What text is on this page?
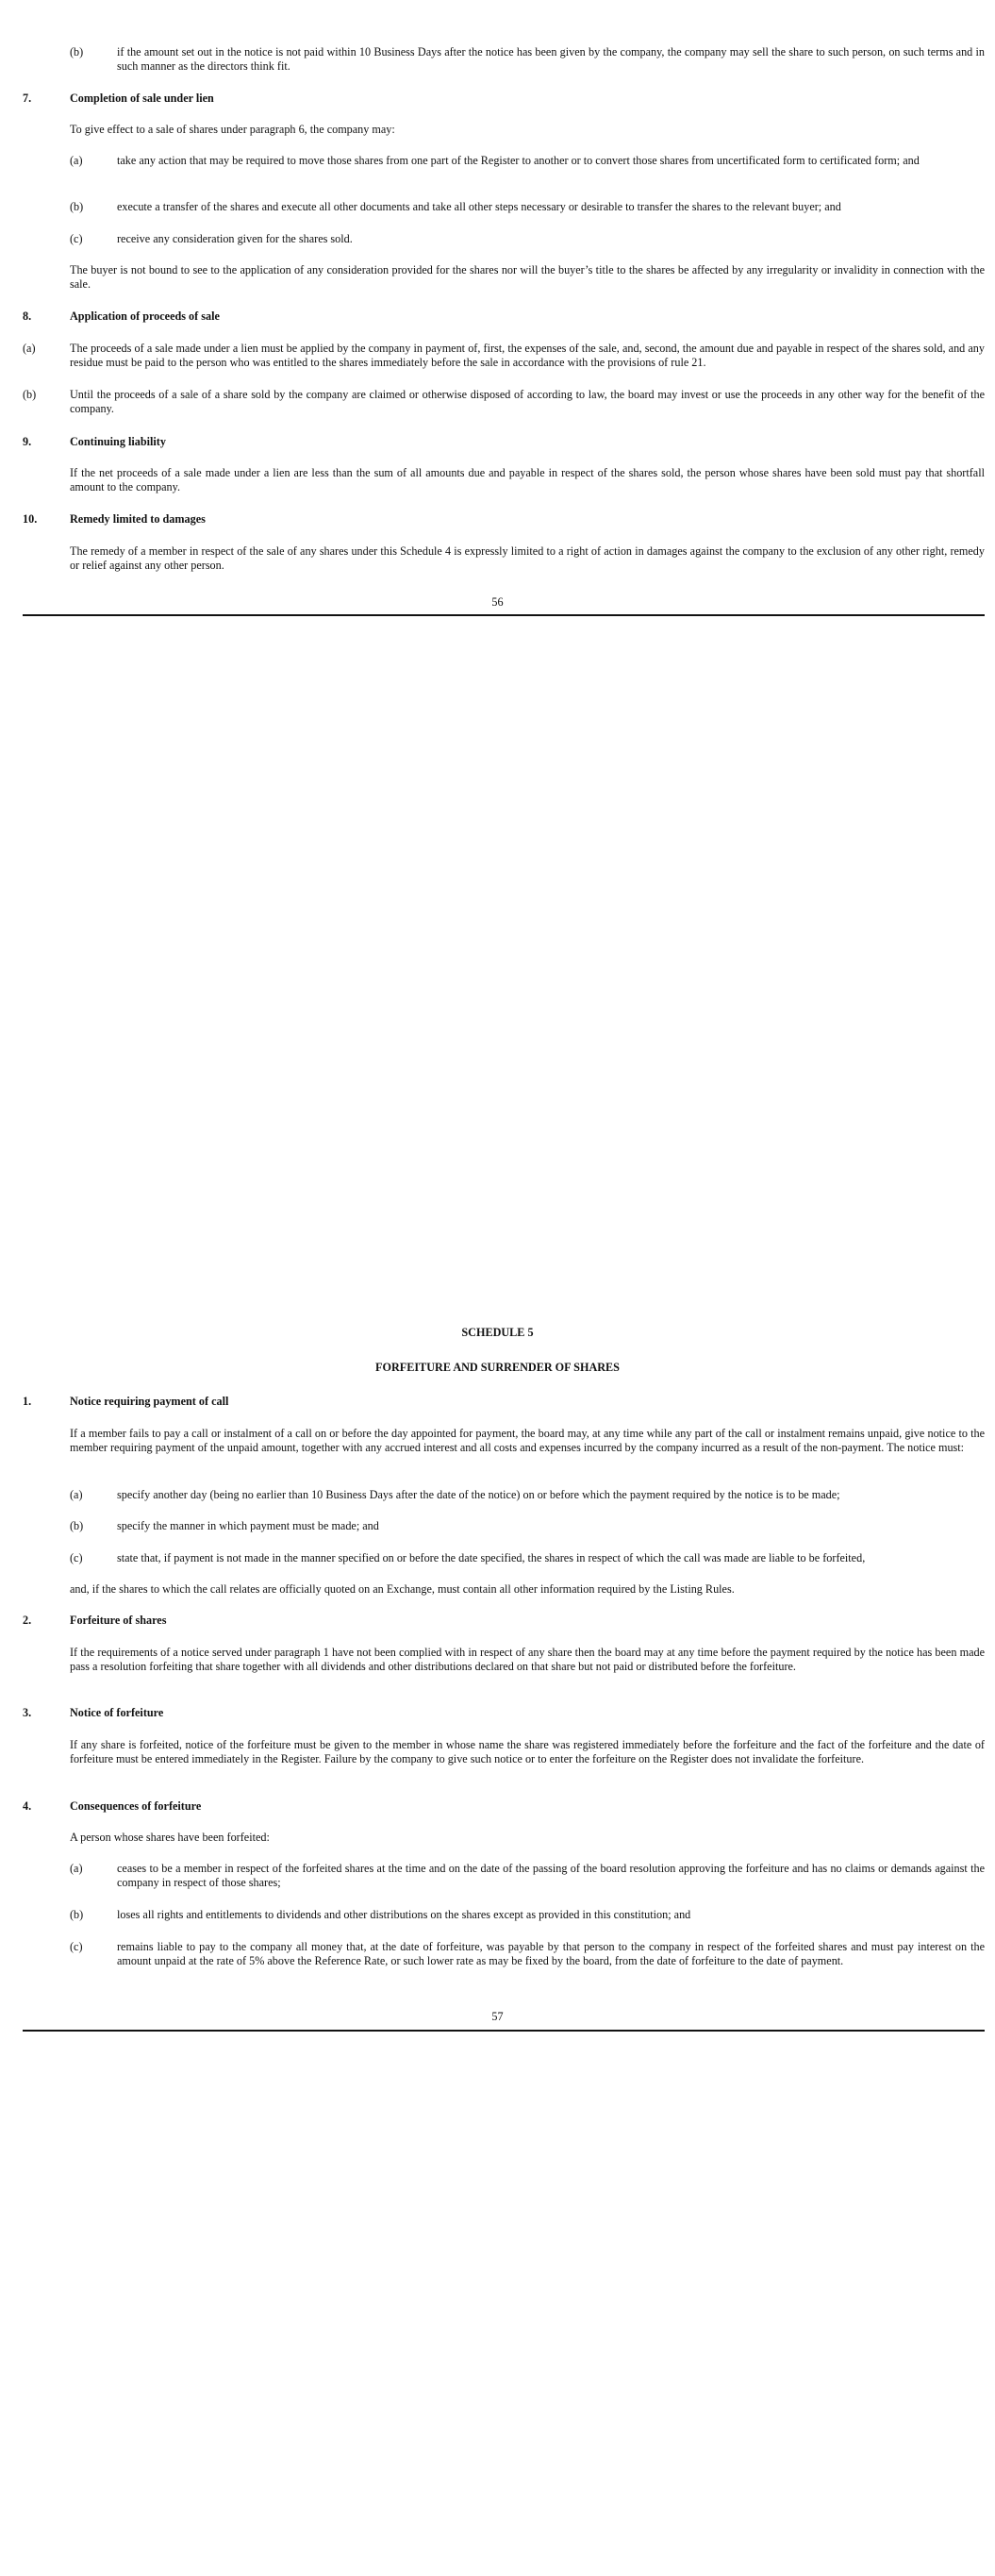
(b)	if the amount set out in the notice is not paid within 10 Business Days after the notice has been given by the company, the company may sell the share to such person, on such terms and in such manner as the directors think fit.

7.	Completion of sale under lien

To give effect to a sale of shares under paragraph 6, the company may:

(a)	take any action that may be required to move those shares from one part of the Register to another or to convert those shares from uncertificated form to certificated form; and

(b)	execute a transfer of the shares and execute all other documents and take all other steps necessary or desirable to transfer the shares to the relevant buyer; and

(c)	receive any consideration given for the shares sold.

The buyer is not bound to see to the application of any consideration provided for the shares nor will the buyer’s title to the shares be affected by any irregularity or invalidity in connection with the sale.

8.	Application of proceeds of sale
(a)	The proceeds of a sale made under a lien must be applied by the company in payment of, first, the expenses of the sale, and, second, the amount due and payable in respect of the shares sold, and any residue must be paid to the person who was entitled to the shares immediately before the sale in accordance with the provisions of rule 21.

(b)	Until the proceeds of a sale of a share sold by the company are claimed or otherwise disposed of according to law, the board may invest or use the proceeds in any other way for the benefit of the company.

9.	Continuing liability

If the net proceeds of a sale made under a lien are less than the sum of all amounts due and payable in respect of the shares sold, the person whose shares have been sold must pay that shortfall amount to the company.

10.	Remedy limited to damages

The remedy of a member in respect of the sale of any shares under this Schedule 4 is expressly limited to a right of action in damages against the company to the exclusion of any other right, remedy or relief against any other person.

56

SCHEDULE 5

FORFEITURE AND SURRENDER OF SHARES

1.	Notice requiring payment of call

If a member fails to pay a call or instalment of a call on or before the day appointed for payment, the board may, at any time while any part of the call or instalment remains unpaid, give notice to the member requiring payment of the unpaid amount, together with any accrued interest and all costs and expenses incurred by the company incurred as a result of the non-payment. The notice must:

(a)	specify another day (being no earlier than 10 Business Days after the date of the notice) on or before which the payment required by the notice is to be made;

(b)	specify the manner in which payment must be made; and

(c)	state that, if payment is not made in the manner specified on or before the date specified, the shares in respect of which the call was made are liable to be forfeited,

and, if the shares to which the call relates are officially quoted on an Exchange, must contain all other information required by the Listing Rules.

2.	Forfeiture of shares

If the requirements of a notice served under paragraph 1 have not been complied with in respect of any share then the board may at any time before the payment required by the notice has been made pass a resolution forfeiting that share together with all dividends and other distributions declared on that share but not paid or distributed before the forfeiture.

3.	Notice of forfeiture

If any share is forfeited, notice of the forfeiture must be given to the member in whose name the share was registered immediately before the forfeiture and the fact of the forfeiture and the date of forfeiture must be entered immediately in the Register. Failure by the company to give such notice or to enter the forfeiture on the Register does not invalidate the forfeiture.

4.	Consequences of forfeiture

A person whose shares have been forfeited:

(a)	ceases to be a member in respect of the forfeited shares at the time and on the date of the passing of the board resolution approving the forfeiture and has no claims or demands against the company in respect of those shares;

(b)	loses all rights and entitlements to dividends and other distributions on the shares except as provided in this constitution; and

(c)	remains liable to pay to the company all money that, at the date of forfeiture, was payable by that person to the company in respect of the forfeited shares and must pay interest on the amount unpaid at the rate of 5% above the Reference Rate, or such lower rate as may be fixed by the board, from the date of forfeiture to the date of payment.

57
